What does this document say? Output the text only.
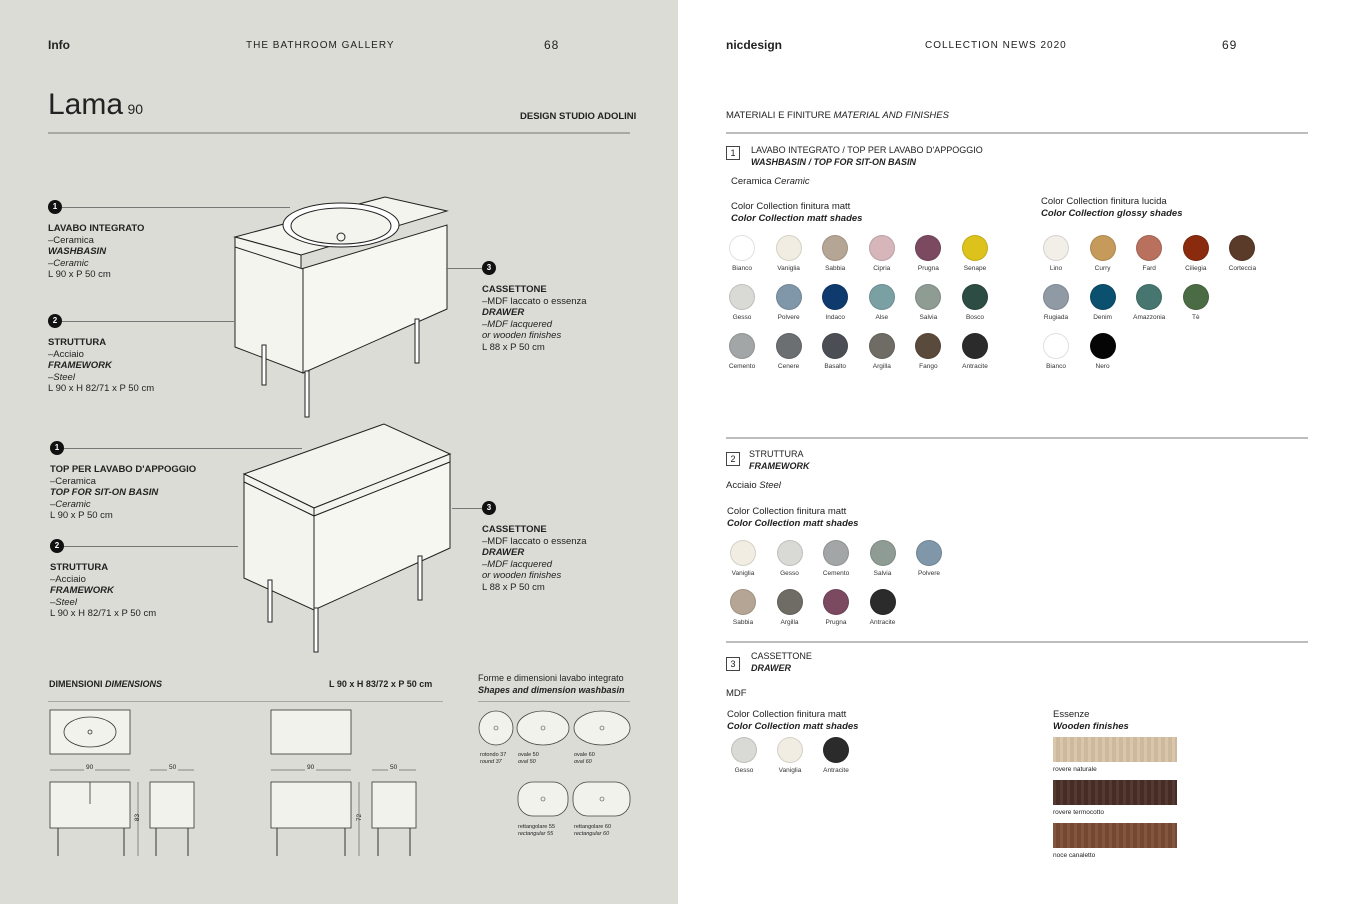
Info	THE BATHROOM GALLERY	68
Lama 90	DESIGN STUDIO ADOLINI
1
LAVABO INTEGRATO
–Ceramica
WASHBASIN
–Ceramic
L 90 x P 50 cm
2
STRUTTURA
–Acciaio
FRAMEWORK
–Steel
L 90 x H 82/71 x P 50 cm
3
CASSETTONE
–MDF laccato o essenza
DRAWER
–MDF lacquered
or wooden finishes
L 88 x P 50 cm
1
TOP PER LAVABO D'APPOGGIO
–Ceramica
TOP FOR SIT-ON BASIN
–Ceramic
L 90 x P 50 cm
2
STRUTTURA
–Acciaio
FRAMEWORK
–Steel
L 90 x H 82/71 x P 50 cm
3
CASSETTONE
–MDF laccato o essenza
DRAWER
–MDF lacquered
or wooden finishes
L 88 x P 50 cm
DIMENSIONI DIMENSIONS	L 90 x H 83/72 x P 50 cm
90	50
83
90	50
72
Forme e dimensioni lavabo integrato
Shapes and dimension washbasin
rotondo 37
round 37
ovale 50
oval 50
ovale 60
oval 60
rettangolare 55
rectangular 55
rettangolare 60
rectangular 60
nicdesign	COLLECTION NEWS 2020	69
MATERIALI E FINITURE MATERIAL AND FINISHES
1	LAVABO INTEGRATO / TOP PER LAVABO D'APPOGGIO
WASHBASIN / TOP FOR SIT-ON BASIN
Ceramica Ceramic
Color Collection finitura matt
Color Collection matt shades
Color Collection finitura lucida
Color Collection glossy shades
Bianco	Vaniglia	Sabbia	Cipria	Prugna	Senape
Gesso	Polvere	Indaco	Alse	Salvia	Bosco
Cemento	Cenere	Basalto	Argilla	Fango	Antracite
Lino	Curry	Fard	Ciliegia	Corteccia
Rugiada	Denim	Amazzonia	Tè
Bianco	Nero
2	STRUTTURA
FRAMEWORK
Acciaio Steel
Color Collection finitura matt
Color Collection matt shades
Vaniglia	Gesso	Cemento	Salvia	Polvere
Sabbia	Argilla	Prugna	Antracite
3
CASSETTONE
DRAWER
MDF
Color Collection finitura matt
Color Collection matt shades
Gesso	Vaniglia	Antracite
Essenze
Wooden finishes
rovere naturale
rovere termocotto
noce canaletto
